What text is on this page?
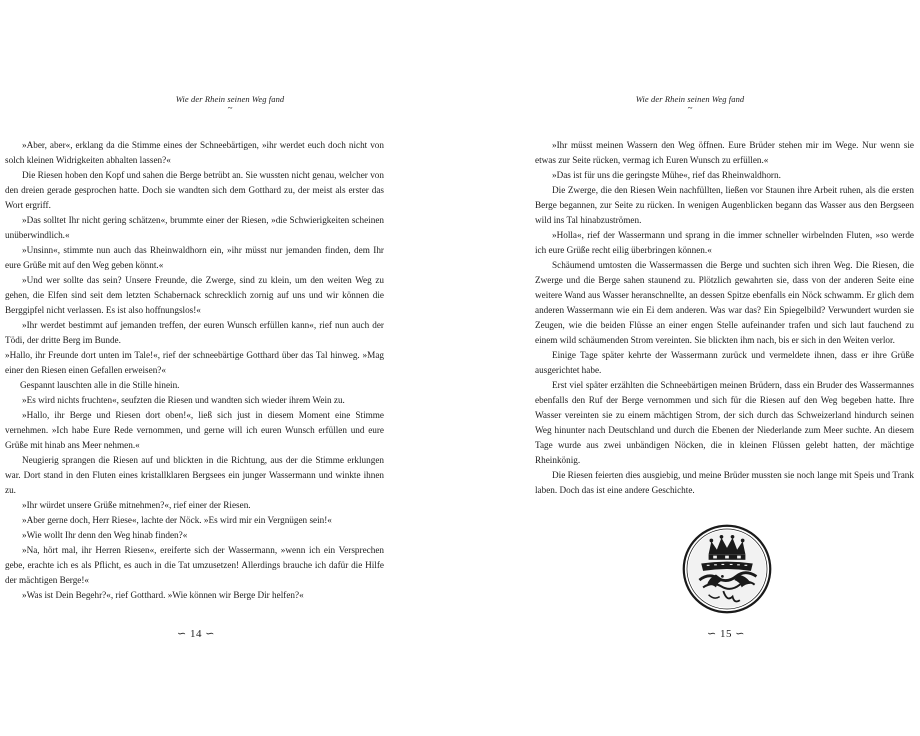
Wie der Rhein seinen Weg fand
~

»Aber, aber«, erklang da die Stimme eines der Schneebärtigen, »ihr werdet euch doch nicht von solch kleinen Widrigkeiten abhalten lassen?«

Die Riesen hoben den Kopf und sahen die Berge betrübt an. Sie wussten nicht genau, welcher von den dreien gerade gesprochen hatte. Doch sie wandten sich dem Gotthard zu, der meist als erster das Wort ergriff.

»Das solltet Ihr nicht gering schätzen«, brummte einer der Riesen, »die Schwierigkeiten scheinen unüberwindlich.«

»Unsinn«, stimmte nun auch das Rheinwaldhorn ein, »ihr müsst nur jemanden finden, dem Ihr eure Grüße mit auf den Weg geben könnt.«

»Und wer sollte das sein? Unsere Freunde, die Zwerge, sind zu klein, um den weiten Weg zu gehen, die Elfen sind seit dem letzten Schabernack schrecklich zornig auf uns und wir können die Berggipfel nicht verlassen. Es ist also hoffnungslos!«

»Ihr werdet bestimmt auf jemanden treffen, der euren Wunsch erfüllen kann«, rief nun auch der Tödi, der dritte Berg im Bunde.

»Hallo, ihr Freunde dort unten im Tale!«, rief der schneebärtige Gotthard über das Tal hinweg. »Mag einer den Riesen einen Gefallen erweisen?«

Gespannt lauschten alle in die Stille hinein.

»Es wird nichts fruchten«, seufzten die Riesen und wandten sich wieder ihrem Wein zu.

»Hallo, ihr Berge und Riesen dort oben!«, ließ sich just in diesem Moment eine Stimme vernehmen. »Ich habe Eure Rede vernommen, und gerne will ich euren Wunsch erfüllen und eure Grüße mit hinab ans Meer nehmen.«

Neugierig sprangen die Riesen auf und blickten in die Richtung, aus der die Stimme erklungen war. Dort stand in den Fluten eines kristallklaren Bergsees ein junger Wassermann und winkte ihnen zu.

»Ihr würdet unsere Grüße mitnehmen?«, rief einer der Riesen.

»Aber gerne doch, Herr Riese«, lachte der Nöck. »Es wird mir ein Vergnügen sein!«

»Wie wollt Ihr denn den Weg hinab finden?«

»Na, hört mal, ihr Herren Riesen«, ereiferte sich der Wassermann, »wenn ich ein Versprechen gebe, erachte ich es als Pflicht, es auch in die Tat umzusetzen! Allerdings brauche ich dafür die Hilfe der mächtigen Berge!«

»Was ist Dein Begehr?«, rief Gotthard. »Wie können wir Berge Dir helfen?«

∽ 14 ∽
Wie der Rhein seinen Weg fand
~

»Ihr müsst meinen Wassern den Weg öffnen. Eure Brüder stehen mir im Wege. Nur wenn sie etwas zur Seite rücken, vermag ich Euren Wunsch zu erfüllen.«

»Das ist für uns die geringste Mühe«, rief das Rheinwaldhorn.

Die Zwerge, die den Riesen Wein nachfüllten, ließen vor Staunen ihre Arbeit ruhen, als die ersten Berge begannen, zur Seite zu rücken. In wenigen Augenblicken begann das Wasser aus den Bergseen wild ins Tal hinabzuströmen.

»Holla«, rief der Wassermann und sprang in die immer schneller wirbelnden Fluten, »so werde ich eure Grüße recht eilig überbringen können.«

Schäumend umtosten die Wassermassen die Berge und suchten sich ihren Weg. Die Riesen, die Zwerge und die Berge sahen staunend zu. Plötzlich gewahrten sie, dass von der anderen Seite eine weitere Wand aus Wasser heranschnellte, an dessen Spitze ebenfalls ein Nöck schwamm. Er glich dem anderen Wassermann wie ein Ei dem anderen. Was war das? Ein Spiegelbild? Verwundert wurden sie Zeugen, wie die beiden Flüsse an einer engen Stelle aufeinander trafen und sich laut fauchend zu einem wild schäumenden Strom vereinten. Sie blickten ihm nach, bis er sich in den Weiten verlor.

Einige Tage später kehrte der Wassermann zurück und vermeldete ihnen, dass er ihre Grüße ausgerichtet habe.

Erst viel später erzählten die Schneebärtigen meinen Brüdern, dass ein Bruder des Wassermannes ebenfalls den Ruf der Berge vernommen und sich für die Riesen auf den Weg begeben hatte. Ihre Wasser vereinten sie zu einem mächtigen Strom, der sich durch das Schweizerland hindurch seinen Weg hinunter nach Deutschland und durch die Ebenen der Niederlande zum Meer suchte. An diesem Tage wurde aus zwei unbändigen Nöcken, die in kleinen Flüssen gelebt hatten, der mächtige Rheinkönig.

Die Riesen feierten dies ausgiebig, und meine Brüder mussten sie noch lange mit Speis und Trank laben. Doch das ist eine andere Geschichte.

∽ 15 ∽
